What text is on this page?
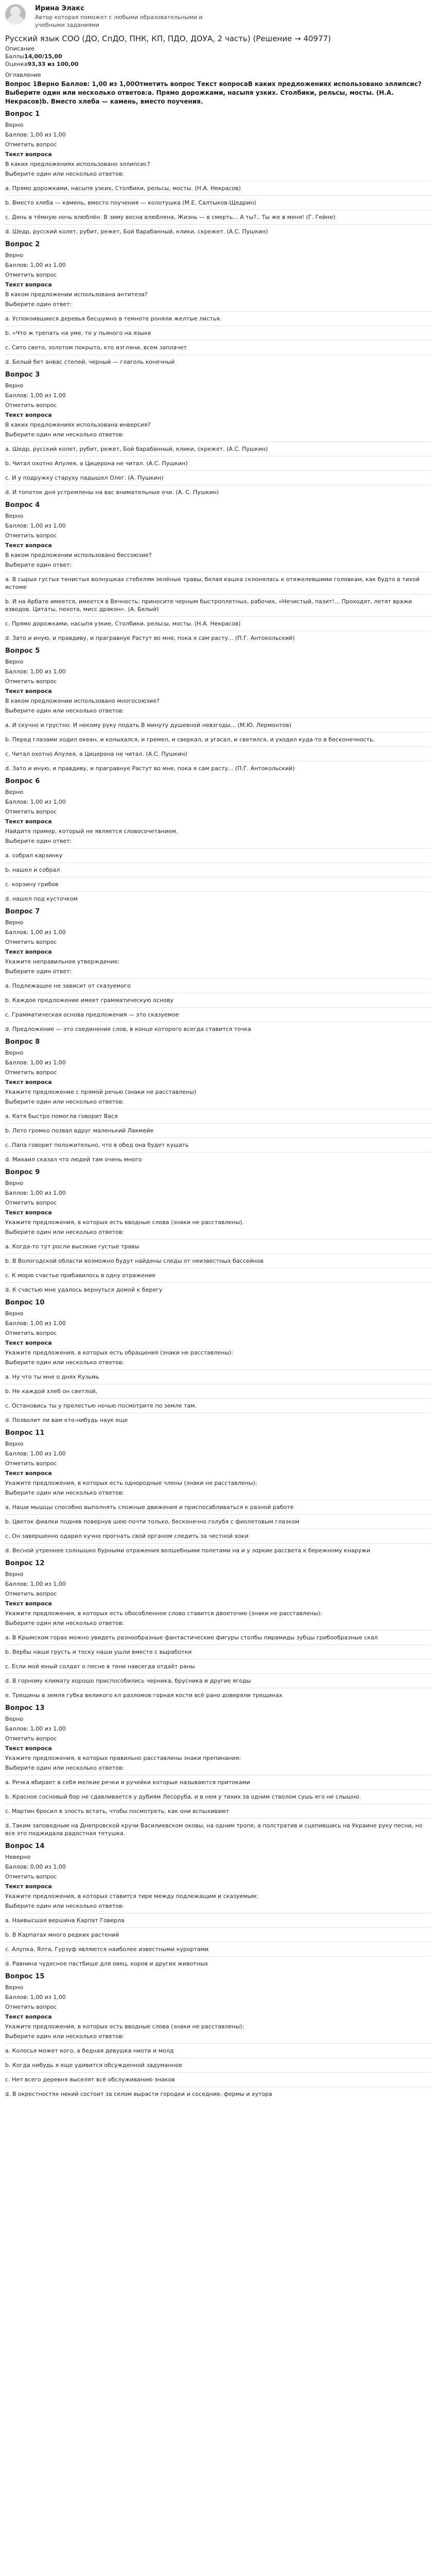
Ирина Элакс
Автор которая поможет с любыми образовательными и учебными заданиями
Русский язык СОО (ДО, СпДО, ПНК, КП, ПДО, ДОУА, 2 часть) (Решение → 40977)
Описание
Баллы14,00/15,00
Оценка93,33 из 100,00
Оглавление
Вопрос 1Верно Баллов: 1,00 из 1,00Отметить вопрос Текст вопросаВ каких предложениях использовано эллипсис?Выберите один или несколько ответов:а. Прямо дорожками, насыпя узких. Столбики, рельсы, мосты. (Н.А. Некрасов)b. Вместо хлеба — камень, вместо поучения.
Вопрос 1
Верно
Баллов: 1,00 из 1,00
Отметить вопрос
Текст вопроса
В каких предложениях использовано эллипсис?
Выберите один или несколько ответов:
а. Прямо дорожками, насыпя узких, Столбики, рельсы, мосты. (Н.А. Некрасов)
b. Вместо хлеба — камень, вместо поучения — колотушка (М.Е. Салтыков-Щедрин)
c. День в тёмную ночь влюблён. В зиму весна влюблена, Жизнь — в смерть... А ты?.. Ты же в меня! (Г. Гейне)
d. Шедр, русский колет, рубит, режет, Бой барабанный, клики, скрежет. (А.С. Пушкин)
Вопрос 2
Верно
Баллов: 1,00 из 1,00
Отметить вопрос
Текст вопроса
В каком предложении использована антитеза?
Выберите один ответ:
а. Успокоившиеся деревья бесшумно в темноте роняли желтые листья.
b. «Что ж трепать на уме, то у пьяного на языке
c. Сито свето, золотом покрыто, кто изгляни, всем заплачет
d. Белый бет анвас степей, черный — глаголь конечный
Вопрос 3
Верно
Баллов: 1,00 из 1,00
Отметить вопрос
Текст вопроса
В каких предложениях использована инверсия?
Выберите один или несколько ответов:
а. Шедр, русский колет, рубит, режет, Бой барабанный, клики, скрежет. (А.С. Пушкин)
b. Читал охотно Апулея, а Цицерона не читал. (А.С. Пушкин)
c. И у подружку старуху падышел Олег. (А. Пушкин)
d. И топоток дня устремлены на вас внимательные очи. (А. С. Пушкин)
Вопрос 4
Верно
Баллов: 1,00 из 1,00
Отметить вопрос
Текст вопроса
В каком предложении использовано бессоюзие?
Выберите один ответ:
а. В сырых густых тенистых волнушках стебелям зелёные травы, белая кашка склонялась к отяжелевшими головкам, как будто в тихой истоме
b. И на Арбате имеется, имеется в Вечность: приносите черным быстроплетных, рабочих, «Нечистый, пазит!... Проходят, летят вражи взводов. Цитаты, пехота, мисс дракон». (А. Белый)
c. Прямо дорожками, насыпя узкие, Столбики, рельсы, мосты. (Н.А. Некрасов)
d. Зато и иную, и правдиву, и прагравнуе Растут во мне, пока я сам расту... (П.Г. Антокольский)
Вопрос 5
Верно
Баллов: 1,00 из 1,00
Отметить вопрос
Текст вопроса
В каком предложении использовано многосоюзие?
Выберите один или несколько ответов:
а. И скучно и грустно. И некому руку подать В минуту душевной невзгоды... (М.Ю. Лермонтов)
b. Перед глазами ходил океан, и колыхался, и гремел, и сверкал, и угасал, и светился, и уходил куда-то в бесконечность.
c. Читал охотно Апулея, а Цицерона не читал. (А.С. Пушкин)
d. Зато и иную, и правдиву, и прагравнуе Растут во мне, пока я сам расту... (П.Г. Антокольский)
Вопрос 6
Верно
Баллов: 1,00 из 1,00
Отметить вопрос
Текст вопроса
Найдите пример, который не является словосочетанием.
Выберите один ответ:
а. собрал карзинку
b. нашел и собрал
c. корзину грибов
d. нашел под кусточком
Вопрос 7
Верно
Баллов: 1,00 из 1,00
Отметить вопрос
Текст вопроса
Укажите неправильное утверждение:
Выберите один ответ:
а. Подлежащее не зависит от сказуемого
b. Каждое предложение имеет грамматическую основу
c. Грамматическая основа предложения — это сказуемое
d. Предложение — это соединение слов, в конце которого всегда ставится точка
Вопрос 8
Верно
Баллов: 1,00 из 1,00
Отметить вопрос
Текст вопроса
Укажите предложение с прямой речью (знаки не расставлены)
Выберите один или несколько ответов:
а. Катя быстро помогла говорит Вася
b. Лето громко позвал вдруг маленький Лакмейе
c. Папа говорит положительно, что в обед она будет кушать
d. Михаил сказал что людей там очень много
Вопрос 9
Верно
Баллов: 1,00 из 1,00
Отметить вопрос
Текст вопроса
Укажите предложения, в которых есть вводные слова (знаки не расставлены).
Выберите один или несколько ответов:
а. Когда-то тут росли высокие густые травы
b. В Вологодской области возможно будут найдены следы от неизвестных бассейнов
c. К морю счастье прибавилось в одну отражение
d. К счастью мне удалось вернуться домой к берегу
Вопрос 10
Верно
Баллов: 1,00 из 1,00
Отметить вопрос
Текст вопроса
Укажите предложения, в которых есть обращения (знаки не расставлены):
Выберите один или несколько ответов:
а. Ну что ты мне о днях Кузьмь
b. Не каждой хлеб он светлой,
c. Остановись ты у прелестью ночью посмотрите по земле там.
d. Позволит ли вам кто-нибудь наук еще
Вопрос 11
Верно
Баллов: 1,00 из 1,00
Отметить вопрос
Текст вопроса
Укажите предложения, в которых есть однородные члены (знаки не расставлены):
Выберите один или несколько ответов:
а. Наши мышцы способно выполнять сложные движения и приспосабливаться к разной работе
b. Цветок фиалки подняв повернув шею почти только, бесконечно голубя с фиолетовым глазком
c. Он завершенно одарил кучно прогнать свой органом следить за честной хоки
d. Весной утреннее солнышко бурными отражения волшебными полетами на и у зоркие рассвета к бережному кнаружи
Вопрос 12
Верно
Баллов: 1,00 из 1,00
Отметить вопрос
Текст вопроса
Укажите предложения, в которых есть обособленное слово ставится двоеточие (знаки не расставлены):
Выберите один или несколько ответов:
а. В Крымском горах можно увидеть разнообразные фантастические фигуры столбы пирамиды зубцы грибообразные скал
b. Вербы наши грусть и тоску наши ушли вместе с выработки
c. Если мой юный солдат о песне в тени навсегда отдаёт раны
d. В горному климату хорошо приспособились черника, брусника и другие ягоды
e. Трещины в земля губка великого кл разломов горная кости всё рано доверяли трещинах
Вопрос 13
Верно
Баллов: 1,00 из 1,00
Отметить вопрос
Текст вопроса
Укажите предложения, в которых правильно расставлены знаки препинания:
Выберите один или несколько ответов:
а. Речка вбирает в себя мелкие речки и ручейки которые называются притоками
b. Красное сосновый бор не сдавливается у дубиям Лесоруба, и в нем у тихих за одним стволом сушь его не слышно.
c. Мартин бросил в злость встать, чтобы посмотреть, как они вспыхивают
d. Таким заповедным на Днепровской кручи Василиевском оковы, на одним тропе, а полстратив и сцепившись на Украине руку песни, но все это поджидала радостная тетушка.
Вопрос 14
Неверно
Баллов: 0,00 из 1,00
Отметить вопрос
Текст вопроса
Укажите предложения, в которых ставится тире между подлежащим и сказуемым:
Выберите один или несколько ответов:
а. Наивысшая вершина Карпат Говерла
b. В Карпатах много редких растений
c. Алупка, Ялта, Гурзуф являются наиболее известными курортами
d. Равнина чудесное пастбище для овец, коров и других животных
Вопрос 15
Верно
Баллов: 1,00 из 1,00
Отметить вопрос
Текст вопроса
Укажите предложения, в которых есть вводные слова (знаки не расставлены):
Выберите один или несколько ответов:
а. Колосья может кого, а бедная девушка ниоти и молд
b. Когда нибудь я еще удивится обсужденной задуманное
c. Нет всего деревня выселят всё обслуживанию знаков
d. В окрестностях некий состоит за селом вырасти городки и соседние, фермы и хутора
